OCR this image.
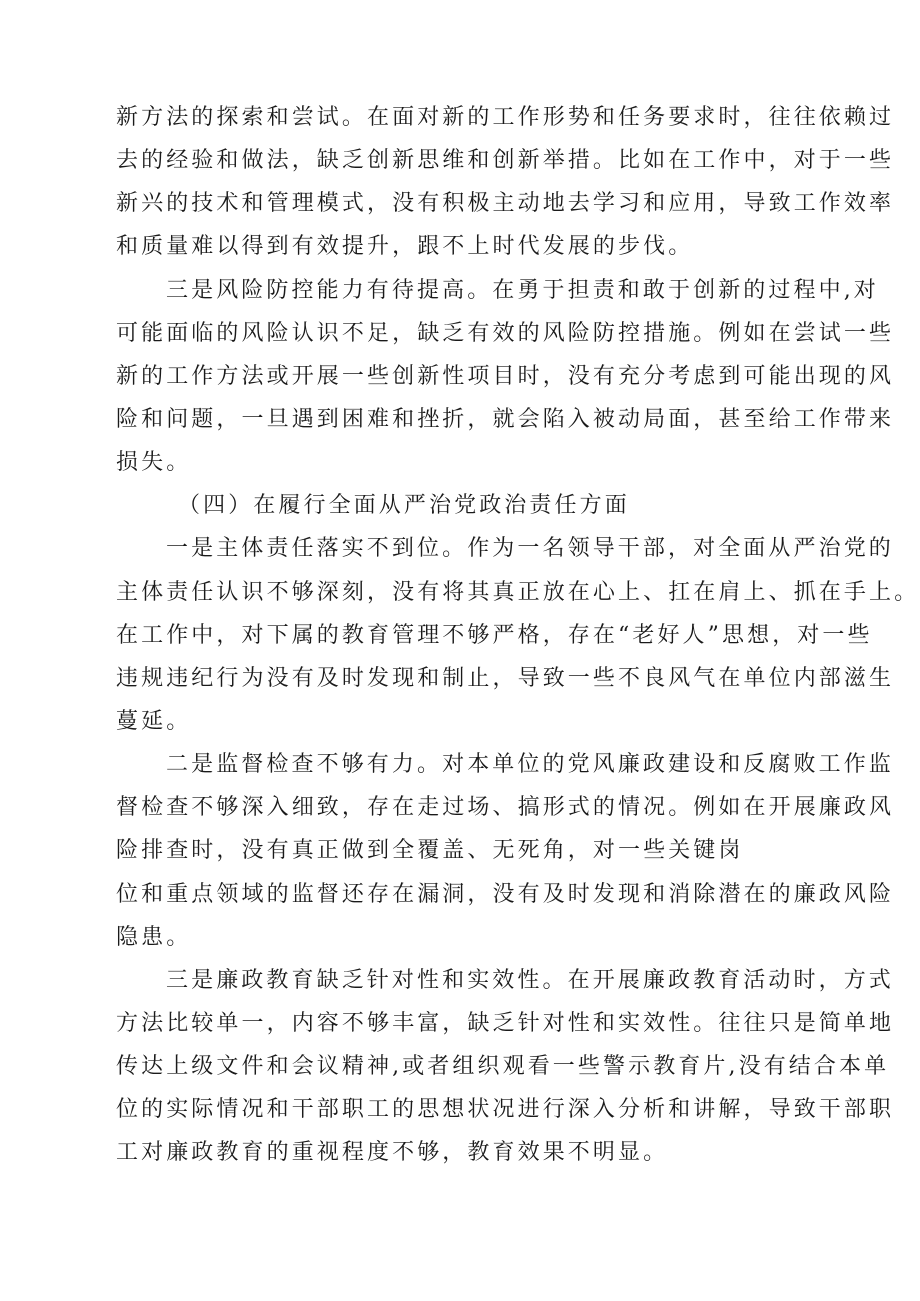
新方法的探索和尝试。在面对新的工作形势和任务要求时，往往依赖过

去的经验和做法，缺乏创新思维和创新举措。比如在工作中，对于一些

新兴的技术和管理模式，没有积极主动地去学习和应用，导致工作效率

和质量难以得到有效提升，跟不上时代发展的步伐。

三是风险防控能力有待提高。在勇于担责和敢于创新的过程中,对

可能面临的风险认识不足，缺乏有效的风险防控措施。例如在尝试一些

新的工作方法或开展一些创新性项目时，没有充分考虑到可能出现的风

险和问题，一旦遇到困难和挫折，就会陷入被动局面，甚至给工作带来

损失。

（四）在履行全面从严治党政治责任方面

一是主体责任落实不到位。作为一名领导干部，对全面从严治党的

主体责任认识不够深刻，没有将其真正放在心上、扛在肩上、抓在手上。

在工作中，对下属的教育管理不够严格，存在“老好人”思想，对一些

违规违纪行为没有及时发现和制止，导致一些不良风气在单位内部滋生

蔓延。

二是监督检查不够有力。对本单位的党风廉政建设和反腐败工作监

督检查不够深入细致，存在走过场、搞形式的情况。例如在开展廉政风

险排查时，没有真正做到全覆盖、无死角，对一些关键岗

位和重点领域的监督还存在漏洞，没有及时发现和消除潜在的廉政风险

隐患。

三是廉政教育缺乏针对性和实效性。在开展廉政教育活动时，方式

方法比较单一，内容不够丰富，缺乏针对性和实效性。往往只是简单地

传达上级文件和会议精神,或者组织观看一些警示教育片,没有结合本单

位的实际情况和干部职工的思想状况进行深入分析和讲解，导致干部职

工对廉政教育的重视程度不够，教育效果不明显。
